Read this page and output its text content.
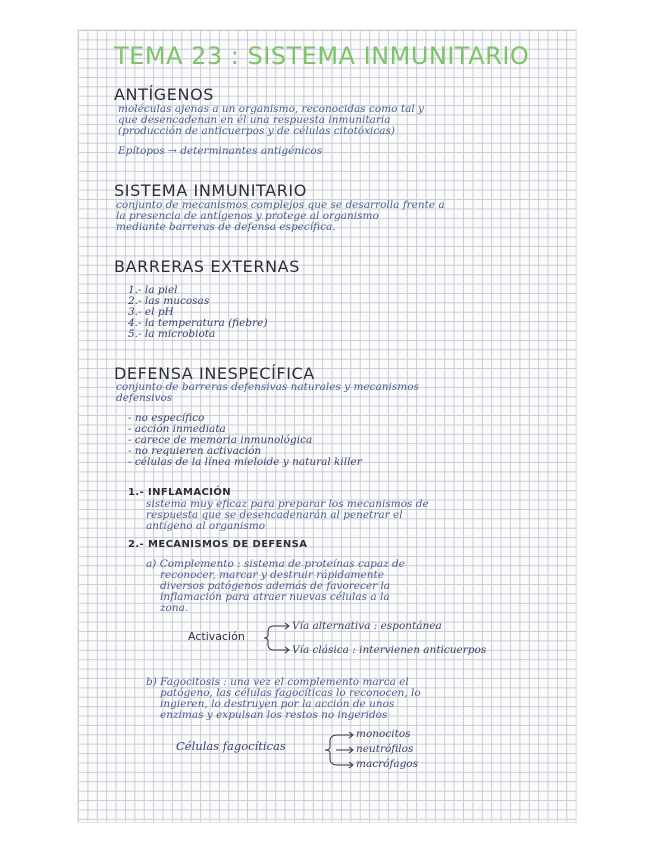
TEMA 23 : SISTEMA INMUNITARIO
ANTÍGENOS
moléculas ajenas a un organismo, reconocidas como tal y
que desencadenan en él una respuesta inmunitaria
(producción de anticuerpos y de células citotóxicas)
Epítopos → determinantes antigénicos
SISTEMA INMUNITARIO
conjunto de mecanismos complejos que se desarrolla frente a
la presencia de antígenos y protege al organismo
mediante barreras de defensa específica.
BARRERAS EXTERNAS
1.- la piel
2.- las mucosas
3.- el pH
4.- la temperatura (fiebre)
5.- la microbiota
DEFENSA INESPECÍFICA
conjunto de barreras defensivas naturales y mecanismos
defensivos
- no específico
- acción inmediata
- carece de memoria inmunológica
- no requieren activación
- células de la línea mieloide y natural killer
1.- INFLAMACIÓN
sistema muy eficaz para preparar los mecanismos de
respuesta que se desencadenarán al penetrar el
antígeno al organismo
2.- MECANISMOS DE DEFENSA
a) Complemento : sistema de proteínas capaz de
reconocer, marcar y destruir rápidamente
diversos patógenos además de favorecer la
inflamación para atraer nuevas células a la
zona.
Activación
Vía alternativa : espontánea
Vía clásica : intervienen anticuerpos
b) Fagocitosis : una vez el complemento marca el
patógeno, las células fagocíticas lo reconocen, lo
ingieren, lo destruyen por la acción de unos
enzimas y expulsan los restos no ingeridos
Células fagocíticas
monocitos
neutrófilos
macrófagos
